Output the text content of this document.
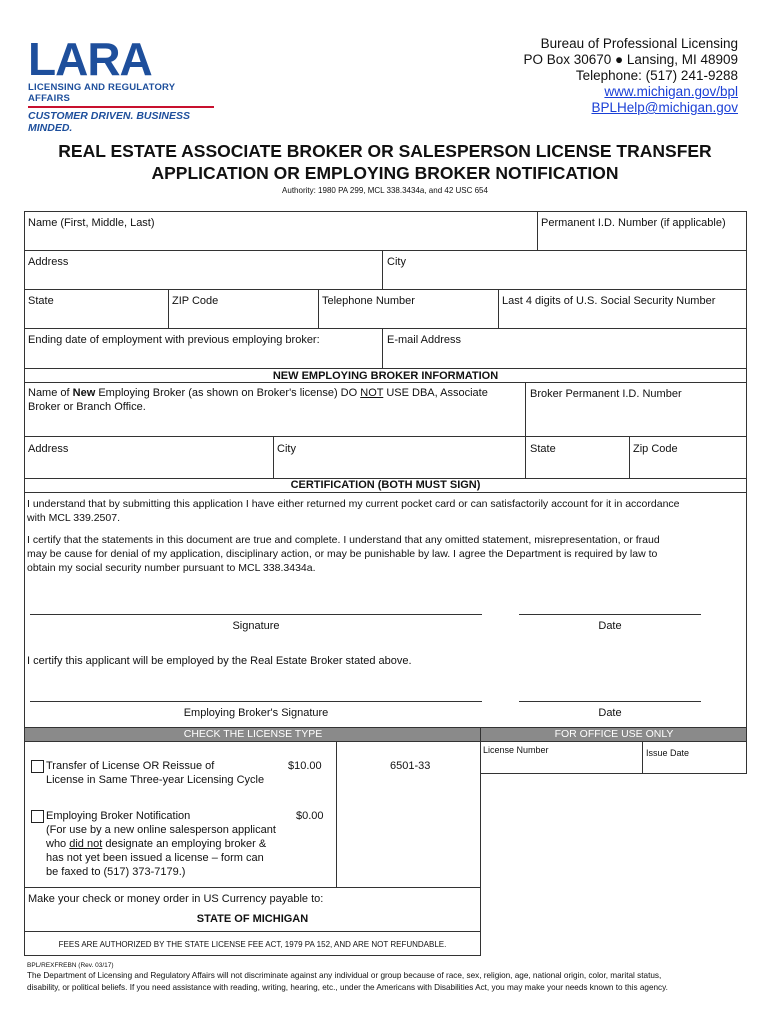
LARA
LICENSING AND REGULATORY AFFAIRS
CUSTOMER DRIVEN. BUSINESS MINDED.
Bureau of Professional Licensing
PO Box 30670 ● Lansing, MI 48909
Telephone: (517) 241-9288
www.michigan.gov/bpl
BPLHelp@michigan.gov
REAL ESTATE ASSOCIATE BROKER OR SALESPERSON LICENSE TRANSFER
APPLICATION OR EMPLOYING BROKER NOTIFICATION
Authority: 1980 PA 299, MCL 338.3434a, and 42 USC 654
Name (First, Middle, Last)	Permanent I.D. Number (if applicable)
Address	City
State	ZIP Code	Telephone Number	Last 4 digits of U.S. Social Security Number
Ending date of employment with previous employing broker:	E-mail Address
NEW EMPLOYING BROKER INFORMATION
Name of New Employing Broker (as shown on Broker's license) DO NOT USE DBA, Associate
Broker or Branch Office.
Broker Permanent I.D. Number
Address	City	State	Zip Code
CERTIFICATION (BOTH MUST SIGN)
I understand that by submitting this application I have either returned my current pocket card or can satisfactorily account for it in accordance
with MCL 339.2507.
I certify that the statements in this document are true and complete. I understand that any omitted statement, misrepresentation, or fraud
may be cause for denial of my application, disciplinary action, or may be punishable by law. I agree the Department is required by law to
obtain my social security number pursuant to MCL 338.3434a.
Signature	Date
I certify this applicant will be employed by the Real Estate Broker stated above.
Employing Broker's Signature	Date
CHECK THE LICENSE TYPE	FOR OFFICE USE ONLY
License Number	Issue Date
Transfer of License OR Reissue of
License in Same Three-year Licensing Cycle
$10.00	6501-33
Employing Broker Notification
(For use by a new online salesperson applicant
who did not designate an employing broker &
has not yet been issued a license – form can
be faxed to (517) 373-7179.)
$0.00
Make your check or money order in US Currency payable to:
STATE OF MICHIGAN
FEES ARE AUTHORIZED BY THE STATE LICENSE FEE ACT, 1979 PA 152, AND ARE NOT REFUNDABLE.
BPL/REXFREBN (Rev. 03/17)
The Department of Licensing and Regulatory Affairs will not discriminate against any individual or group because of race, sex, religion, age, national origin, color, marital status,
disability, or political beliefs. If you need assistance with reading, writing, hearing, etc., under the Americans with Disabilities Act, you may make your needs known to this agency.
